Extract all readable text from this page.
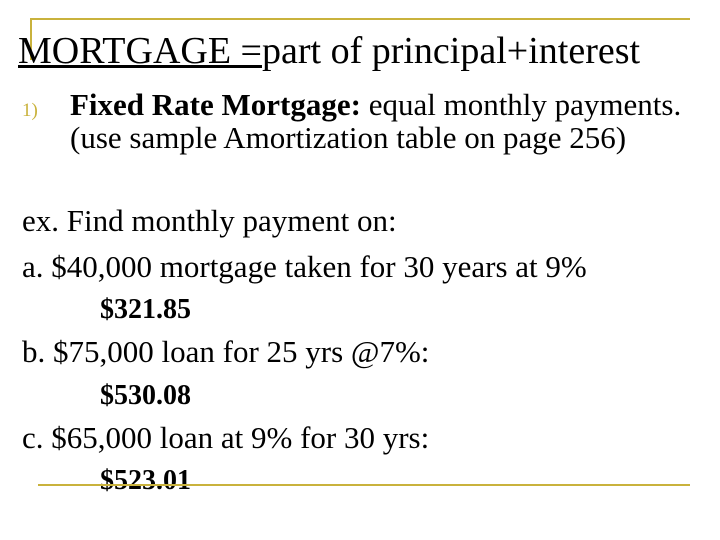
MORTGAGE =part of principal+interest
1)	Fixed Rate Mortgage: equal monthly payments. (use sample Amortization table on page 256)
ex. Find monthly payment on:
a. $40,000 mortgage taken for 30 years at 9%
$321.85
b. $75,000 loan for 25 yrs @7%:
$530.08
c. $65,000 loan at 9% for 30 yrs:
$523.01
